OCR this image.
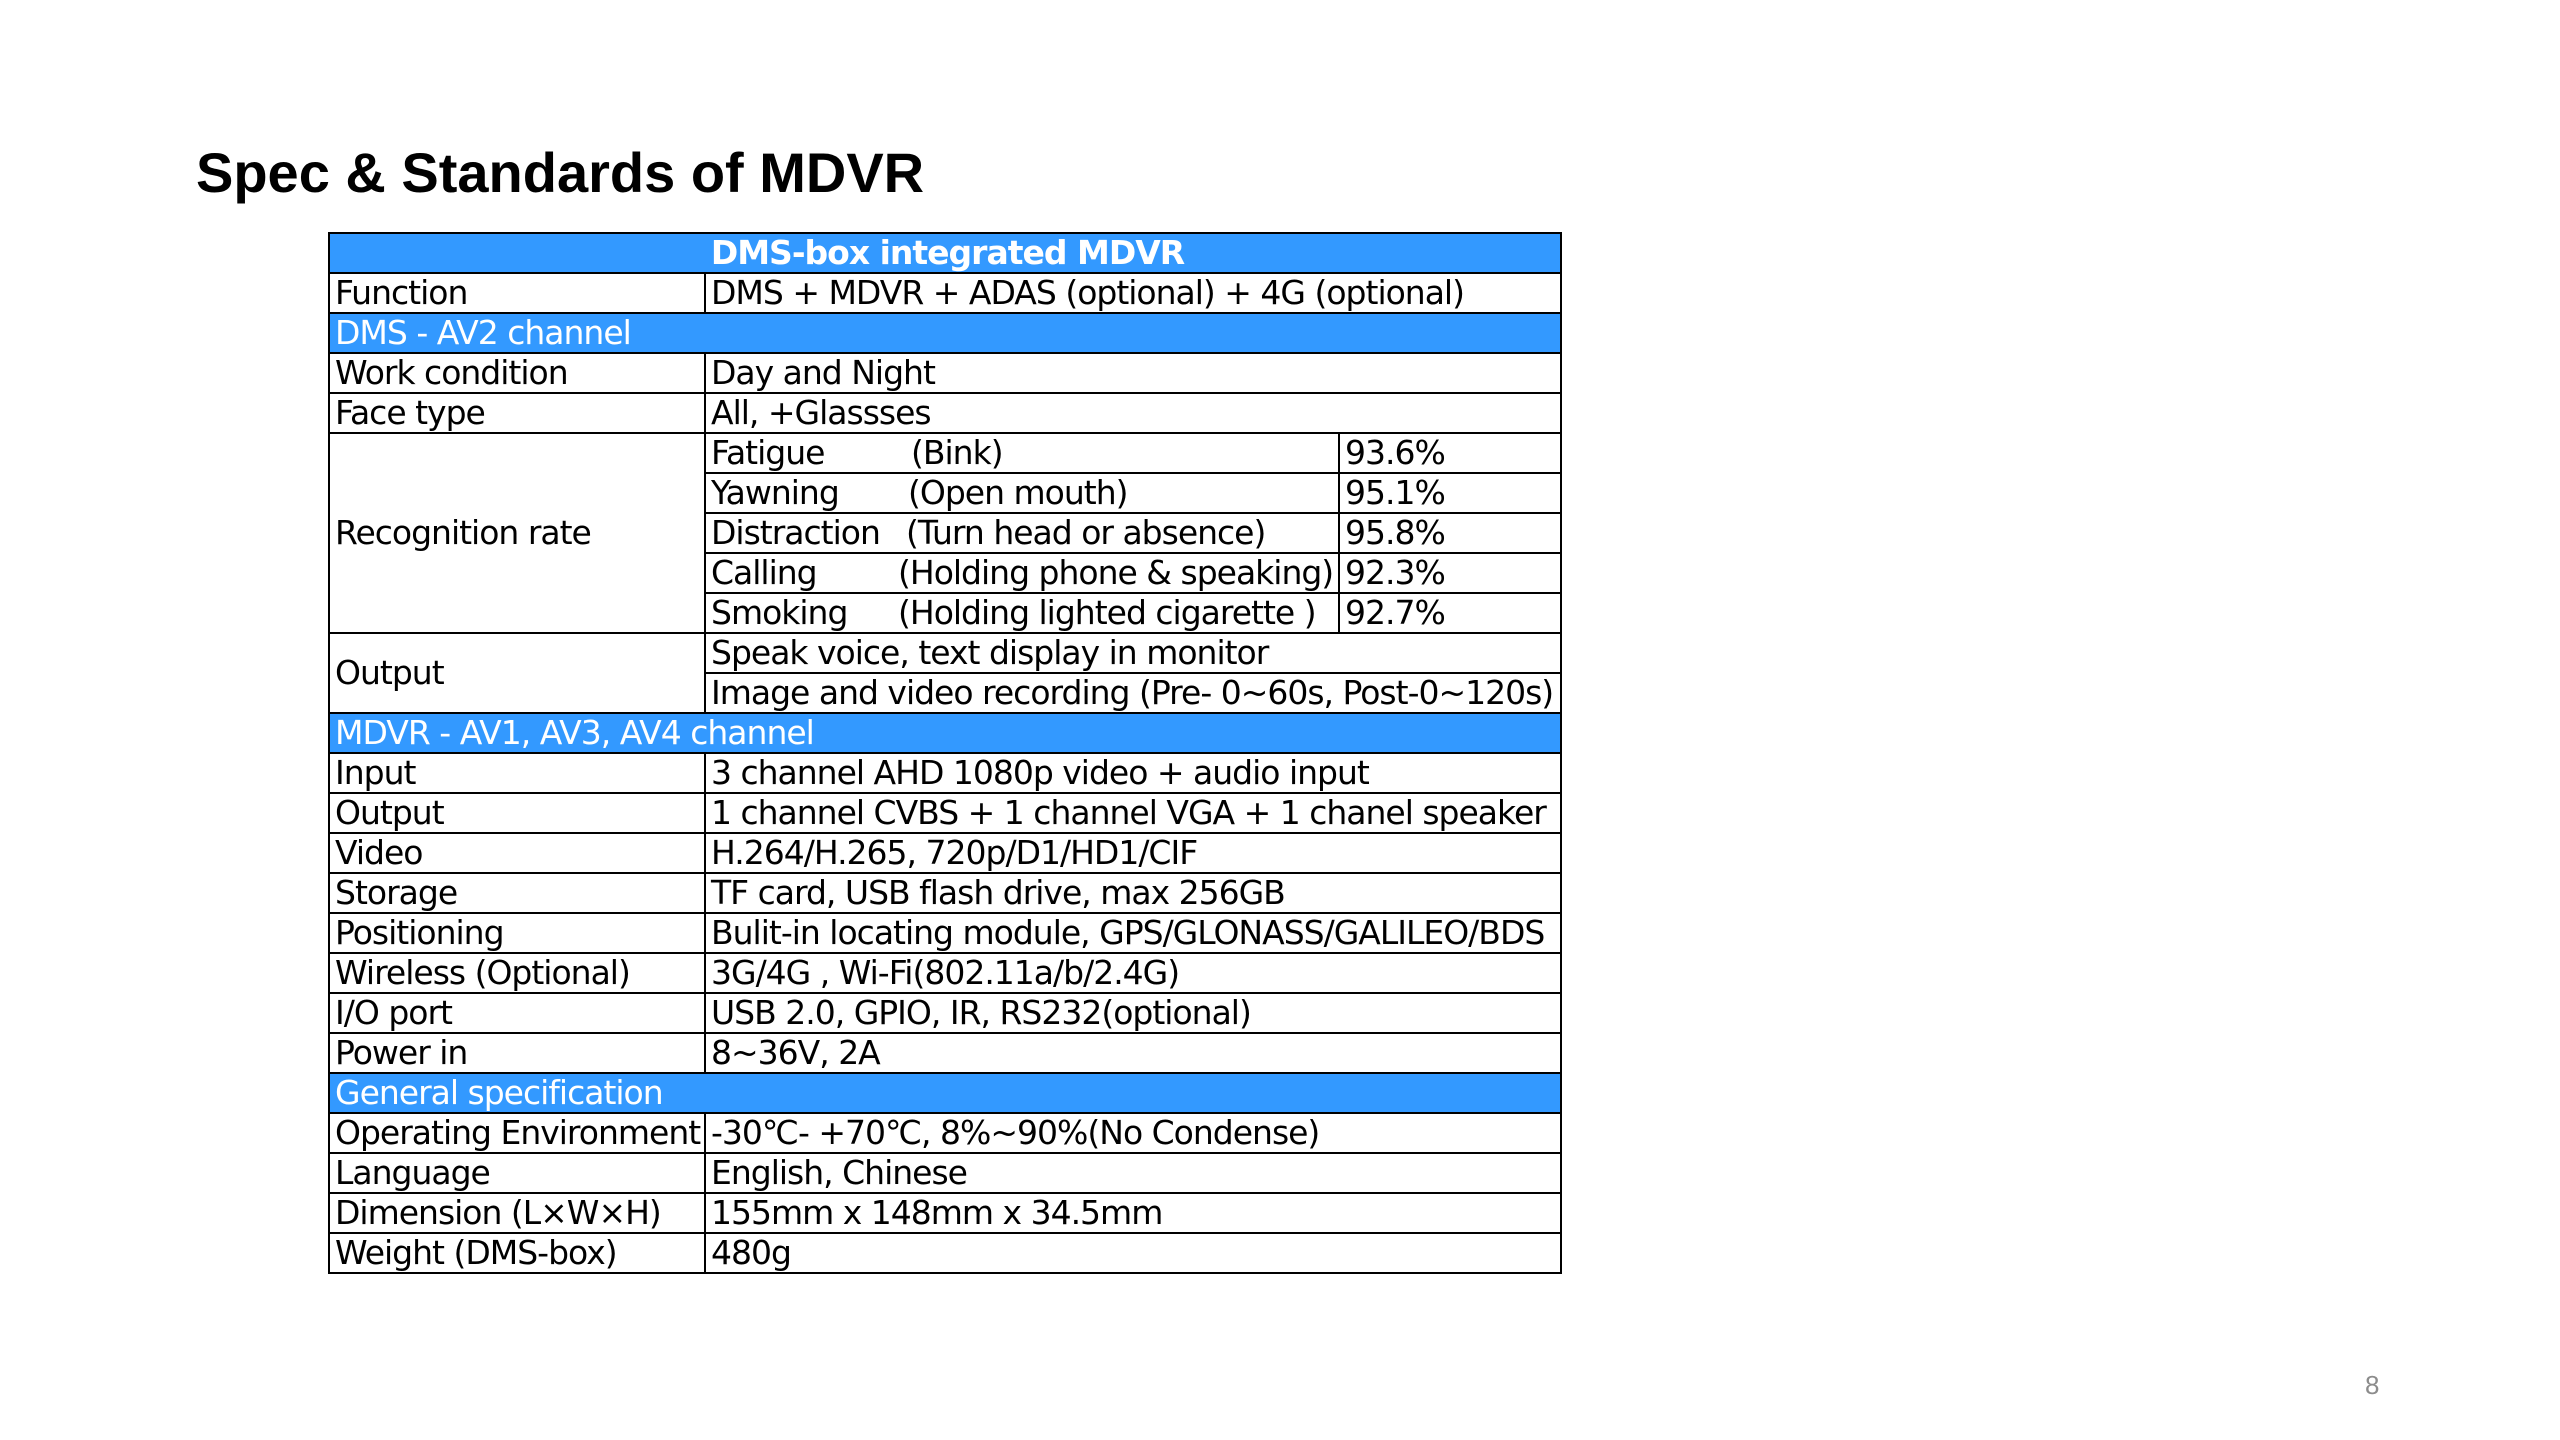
Spec & Standards of MDVR
DMS-box integrated MDVR		
Function	DMS + MDVR + ADAS (optional) + 4G (optional)	
DMS - AV2 channel		
Work condition	Day and Night	
Face type	All, +Glassses	
Recognition rate	Fatigue (Bink)	93.6%
	Yawning (Open mouth)	95.1%
	Distraction (Turn head or absence)	95.8%
	Calling (Holding phone & speaking)	92.3%
	Smoking (Holding lighted cigarette )	92.7%
Output	Speak voice, text display in monitor	
	Image and video recording (Pre- 0~60s, Post-0~120s)	
MDVR - AV1, AV3, AV4 channel		
Input	3 channel AHD 1080p video + audio input	
Output	1 channel CVBS + 1 channel VGA + 1 chanel speaker	
Video	H.264/H.265, 720p/D1/HD1/CIF	
Storage	TF card, USB flash drive, max 256GB	
Positioning	Bulit-in locating module, GPS/GLONASS/GALILEO/BDS	
Wireless (Optional)	3G/4G , Wi-Fi(802.11a/b/2.4G)	
I/O port	USB 2.0, GPIO, IR, RS232(optional)	
Power in	8~36V, 2A	
General specification		
Operating Environment	-30℃- +70℃, 8%~90%(No Condense)	
Language	English, Chinese	
Dimension (L×W×H)	155mm x 148mm x 34.5mm	
Weight (DMS-box)	480g	
8
